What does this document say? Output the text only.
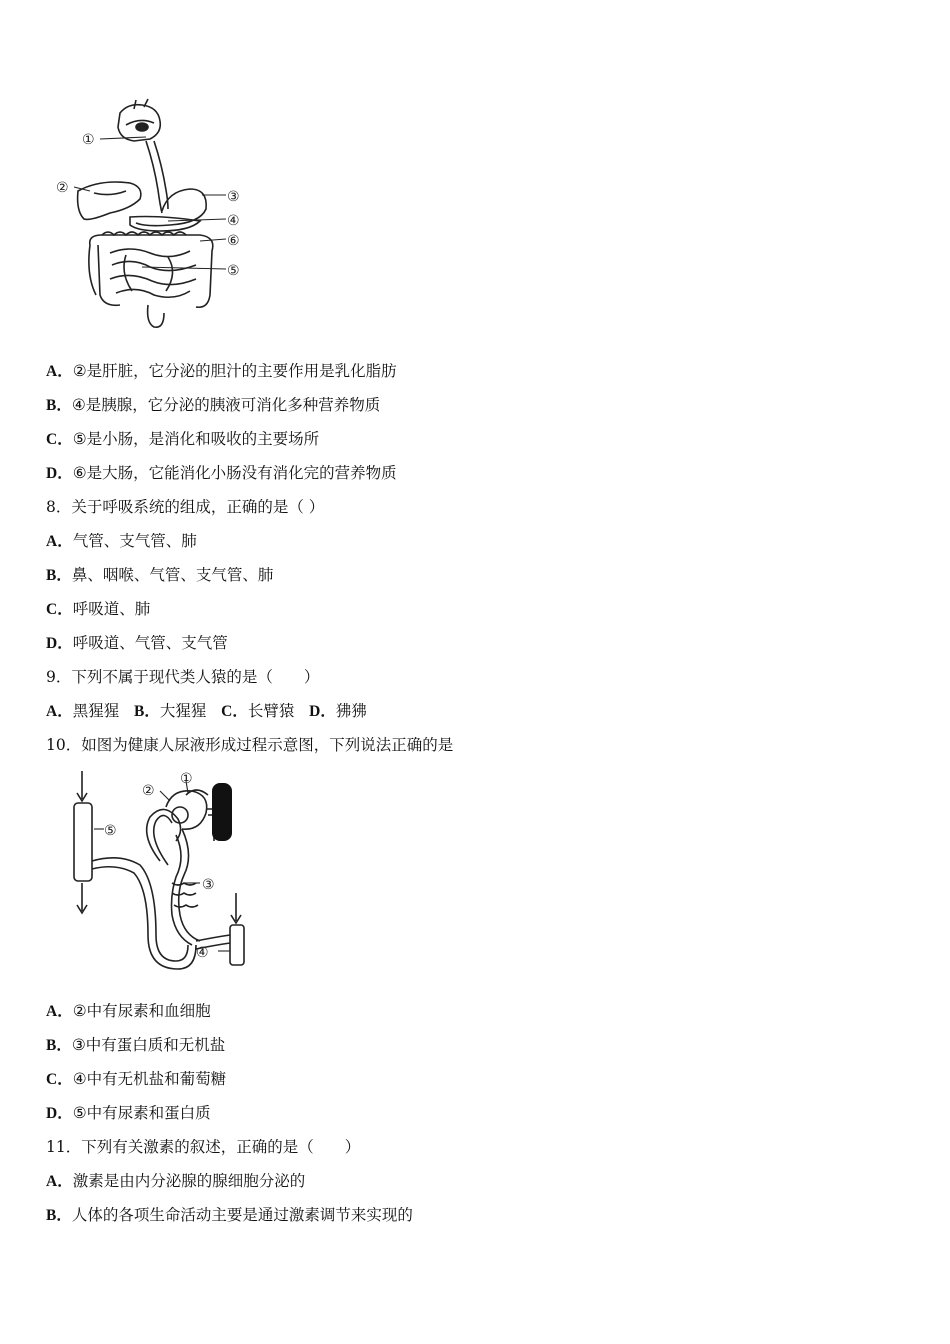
①
②
③
④
⑥
⑤
A．②是肝脏，它分泌的胆汁的主要作用是乳化脂肪
B．④是胰腺，它分泌的胰液可消化多种营养物质
C．⑤是小肠，是消化和吸收的主要场所
D．⑥是大肠，它能消化小肠没有消化完的营养物质
8．关于呼吸系统的组成，正确的是（ ）
A．气管、支气管、肺
B．鼻、咽喉、气管、支气管、肺
C．呼吸道、肺
D．呼吸道、气管、支气管
9．下列不属于现代类人猿的是（　　）
A．黑猩猩 B．大猩猩 C．长臂猿 D．狒狒
10．如图为健康人尿液形成过程示意图，下列说法正确的是
①
②
③
④
⑤
A．②中有尿素和血细胞
B．③中有蛋白质和无机盐
C．④中有无机盐和葡萄糖
D．⑤中有尿素和蛋白质
11．下列有关激素的叙述，正确的是（　　）
A．激素是由内分泌腺的腺细胞分泌的
B．人体的各项生命活动主要是通过激素调节来实现的
